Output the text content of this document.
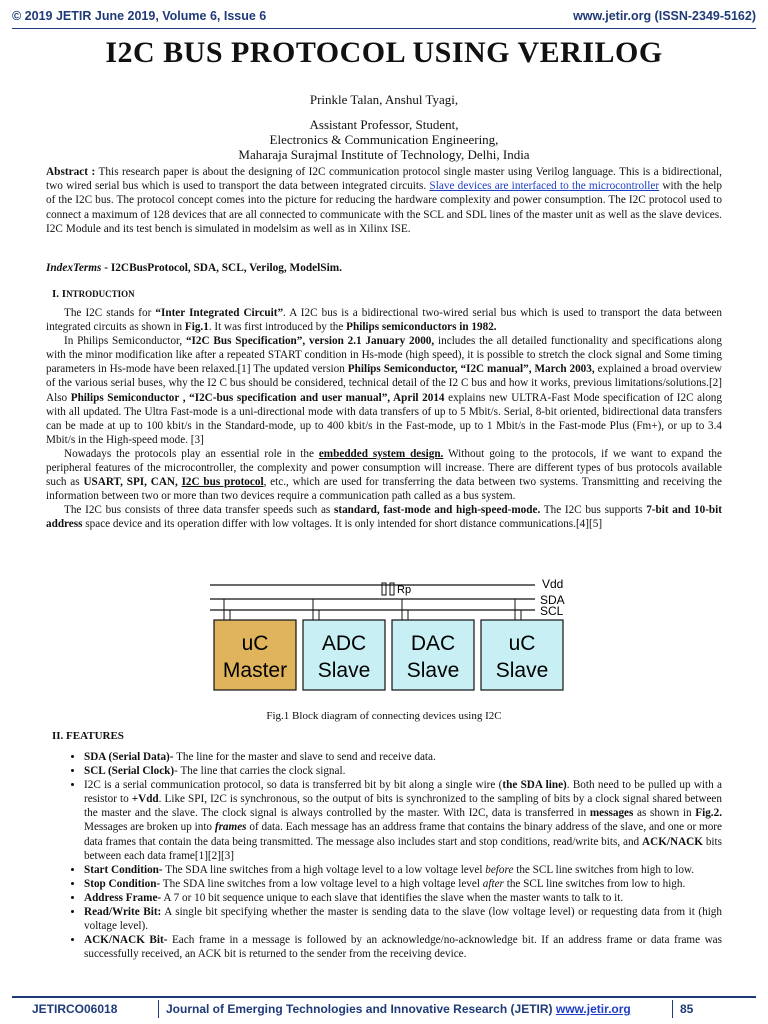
© 2019 JETIR June 2019, Volume 6, Issue 6	www.jetir.org (ISSN-2349-5162)
I2C BUS PROTOCOL USING VERILOG
Prinkle Talan, Anshul Tyagi,
Assistant Professor, Student,
Electronics & Communication Engineering,
Maharaja Surajmal Institute of Technology, Delhi, India
Abstract : This research paper is about the designing of I2C communication protocol single master using Verilog language. This is a bidirectional, two wired serial bus which is used to transport the data between integrated circuits. Slave devices are interfaced to the microcontroller with the help of the I2C bus. The protocol concept comes into the picture for reducing the hardware complexity and power consumption. The I2C protocol used to connect a maximum of 128 devices that are all connected to communicate with the SCL and SDL lines of the master unit as well as the slave devices. I2C Module and its test bench is simulated in modelsim as well as in Xilinx ISE.
IndexTerms - I2CBusProtocol, SDA, SCL, Verilog, ModelSim.
I. INTRODUCTION

The I2C stands for “Inter Integrated Circuit”. A I2C bus is a bidirectional two-wired serial bus which is used to transport the data between integrated circuits as shown in Fig.1. It was first introduced by the Philips semiconductors in 1982.

In Philips Semiconductor, “I2C Bus Specification”, version 2.1 January 2000, includes the all detailed functionality and specifications along with the minor modification like after a repeated START condition in Hs-mode (high speed), it is possible to stretch the clock signal and Some timing parameters in Hs-mode have been relaxed.[1] The updated version Philips Semiconductor, “I2C manual”, March 2003, explained a broad overview of the various serial buses, why the I2 C bus should be considered, technical detail of the I2 C bus and how it works, previous limitations/solutions.[2] Also Philips Semiconductor , “I2C-bus specification and user manual”, April 2014 explains new ULTRA-Fast Mode specification of I2C along with all updated. The Ultra Fast-mode is a uni-directional mode with data transfers of up to 5 Mbit/s. Serial, 8-bit oriented, bidirectional data transfers can be made at up to 100 kbit/s in the Standard-mode, up to 400 kbit/s in the Fast-mode, up to 1 Mbit/s in the Fast-mode Plus (Fm+), or up to 3.4 Mbit/s in the High-speed mode. [3]

Nowadays the protocols play an essential role in the embedded system design. Without going to the protocols, if we want to expand the peripheral features of the microcontroller, the complexity and power consumption will increase. There are different types of bus protocols available such as USART, SPI, CAN, I2C bus protocol, etc., which are used for transferring the data between two systems. Transmitting and receiving the information between two or more than two devices require a communication path called as a bus system.

The I2C bus consists of three data transfer speeds such as standard, fast-mode and high-speed-mode. The I2C bus supports 7-bit and 10-bit address space device and its operation differ with low voltages. It is only intended for short distance communications.[4][5]

Vdd
SDA
SCL
Rp
uC
Master
ADC
Slave
DAC
Slave
uC
Slave
Fig.1 Block diagram of connecting devices using I2C
II. FEATURES
• SDA (Serial Data)- The line for the master and slave to send and receive data.
• SCL (Serial Clock)- The line that carries the clock signal.
• I2C is a serial communication protocol, so data is transferred bit by bit along a single wire (the SDA line). Both need to be pulled up with a resistor to +Vdd. Like SPI, I2C is synchronous, so the output of bits is synchronized to the sampling of bits by a clock signal shared between the master and the slave. The clock signal is always controlled by the master. With I2C, data is transferred in messages as shown in Fig.2. Messages are broken up into frames of data. Each message has an address frame that contains the binary address of the slave, and one or more data frames that contain the data being transmitted. The message also includes start and stop conditions, read/write bits, and ACK/NACK bits between each data frame[1][2][3]
• Start Condition- The SDA line switches from a high voltage level to a low voltage level before the SCL line switches from high to low.
• Stop Condition- The SDA line switches from a low voltage level to a high voltage level after the SCL line switches from low to high.
• Address Frame- A 7 or 10 bit sequence unique to each slave that identifies the slave when the master wants to talk to it.
• Read/Write Bit: A single bit specifying whether the master is sending data to the slave (low voltage level) or requesting data from it (high voltage level).
• ACK/NACK Bit- Each frame in a message is followed by an acknowledge/no-acknowledge bit. If an address frame or data frame was successfully received, an ACK bit is returned to the sender from the receiving device.
JETIRCO06018	Journal of Emerging Technologies and Innovative Research (JETIR) www.jetir.org	85
